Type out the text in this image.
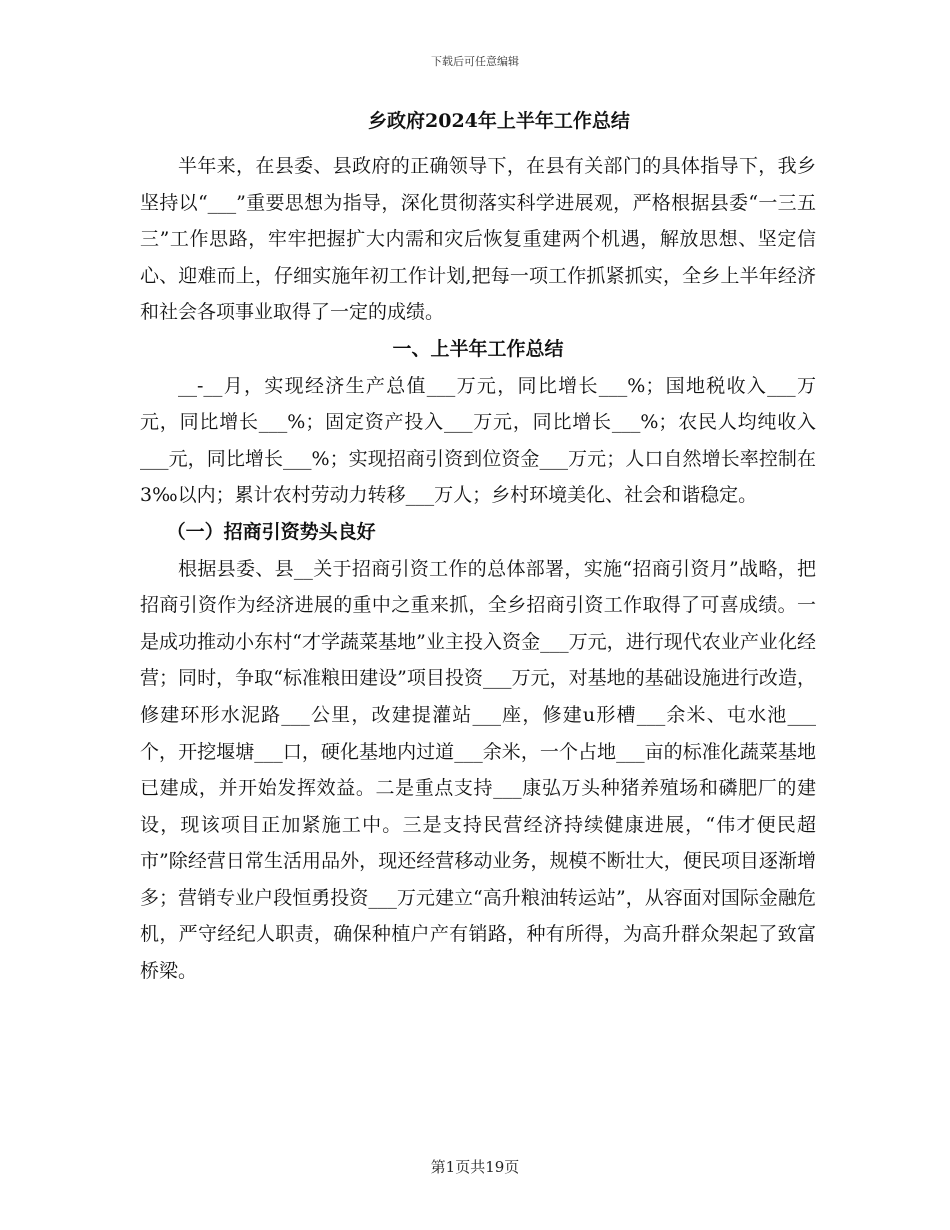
下载后可任意编辑
乡政府2024年上半年工作总结

半年来，在县委、县政府的正确领导下，在县有关部门的具体指导下，我乡坚持以“___”重要思想为指导，深化贯彻落实科学进展观，严格根据县委“一三五三”工作思路，牢牢把握扩大内需和灾后恢复重建两个机遇，解放思想、坚定信心、迎难而上，仔细实施年初工作计划,把每一项工作抓紧抓实，全乡上半年经济和社会各项事业取得了一定的成绩。

一、上半年工作总结

__-__月，实现经济生产总值___万元，同比增长___%；国地税收入___万元，同比增长___%；固定资产投入___万元，同比增长___%；农民人均纯收入___元，同比增长___%；实现招商引资到位资金___万元；人口自然增长率控制在3‰以内；累计农村劳动力转移___万人；乡村环境美化、社会和谐稳定。

（一）招商引资势头良好

根据县委、县__关于招商引资工作的总体部署，实施“招商引资月”战略，把招商引资作为经济进展的重中之重来抓，全乡招商引资工作取得了可喜成绩。一是成功推动小东村“才学蔬菜基地”业主投入资金___万元，进行现代农业产业化经营；同时，争取“标准粮田建设”项目投资___万元，对基地的基础设施进行改造，修建环形水泥路___公里，改建提灌站___座，修建u形槽___余米、屯水池___个，开挖堰塘___口，硬化基地内过道___余米，一个占地___亩的标准化蔬菜基地已建成，并开始发挥效益。二是重点支持___康弘万头种猪养殖场和磷肥厂的建设，现该项目正加紧施工中。三是支持民营经济持续健康进展，“伟才便民超市”除经营日常生活用品外，现还经营移动业务，规模不断壮大，便民项目逐渐增多；营销专业户段恒勇投资___万元建立“高升粮油转运站”，从容面对国际金融危机，严守经纪人职责，确保种植户产有销路，种有所得，为高升群众架起了致富桥梁。

第1页共19页
